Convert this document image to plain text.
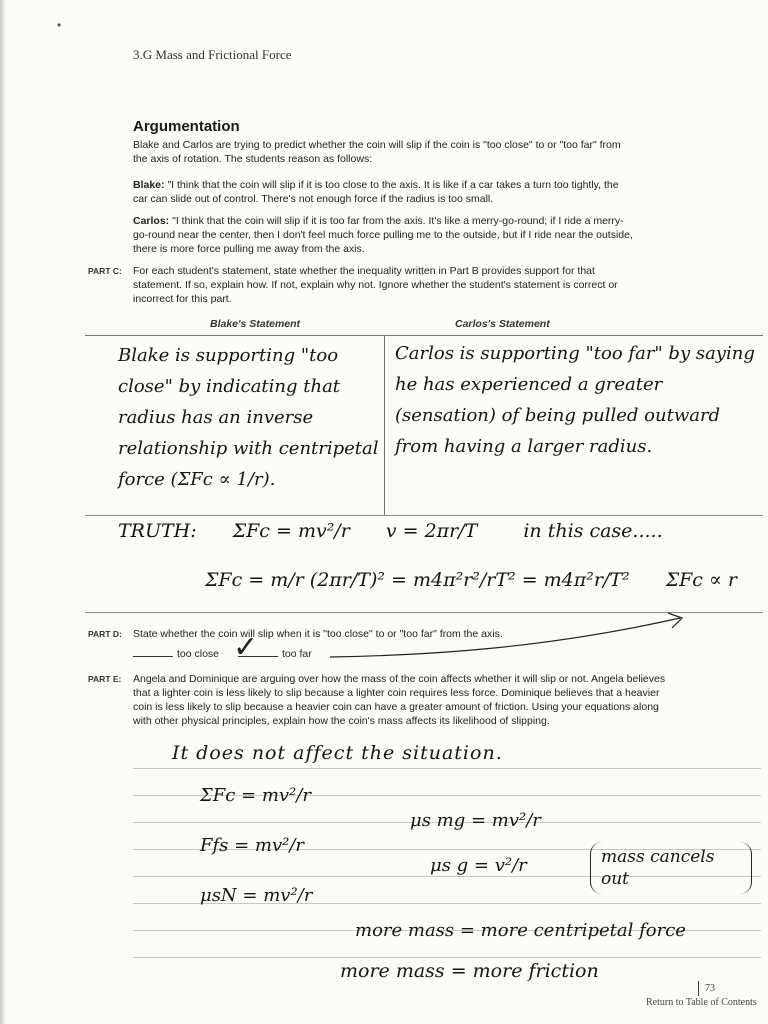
•
3.G Mass and Frictional Force
Argumentation
Blake and Carlos are trying to predict whether the coin will slip if the coin is "too close" to or "too far" from the axis of rotation. The students reason as follows:
Blake: "I think that the coin will slip if it is too close to the axis. It is like if a car takes a turn too tightly, the car can slide out of control. There's not enough force if the radius is too small.
Carlos: "I think that the coin will slip if it is too far from the axis. It's like a merry-go-round; if I ride a merry-go-round near the center, then I don't feel much force pulling me to the outside, but if I ride near the outside, there is more force pulling me away from the axis.
PART C: For each student's statement, state whether the inequality written in Part B provides support for that statement. If so, explain how. If not, explain why not. Ignore whether the student's statement is correct or incorrect for this part.
Blake's Statement	Carlos's Statement
Blake is supporting "too close" by indicating that radius has an inverse relationship with centripetal force (ΣFc ∝ 1/r).
Carlos is supporting "too far" by saying he has experienced a greater (sensation) of being pulled outward from having a larger radius.
TRUTH: ΣFc = mv²/r v = 2πr/T in this case.....
ΣFc = m/r (2πr/T)² = m4π²r²/rT² = m4π²r/T² ΣFc ∝ r
PART D: State whether the coin will slip when it is "too close" to or "too far" from the axis.
too close	too far
✓
PART E: Angela and Dominique are arguing over how the mass of the coin affects whether it will slip or not. Angela believes that a lighter coin is less likely to slip because a lighter coin requires less force. Dominique believes that a heavier coin is less likely to slip because a heavier coin can have a greater amount of friction. Using your equations along with other physical principles, explain how the coin's mass affects its likelihood of slipping.
It does not affect the situation.
ΣFc = mv²/r
Ffs = mv²/r
μsN = mv²/r
μs mg = mv²/r
μs g = v²/r	mass cancels out
more mass = more centripetal force
more mass = more friction
73
Return to Table of Contents
